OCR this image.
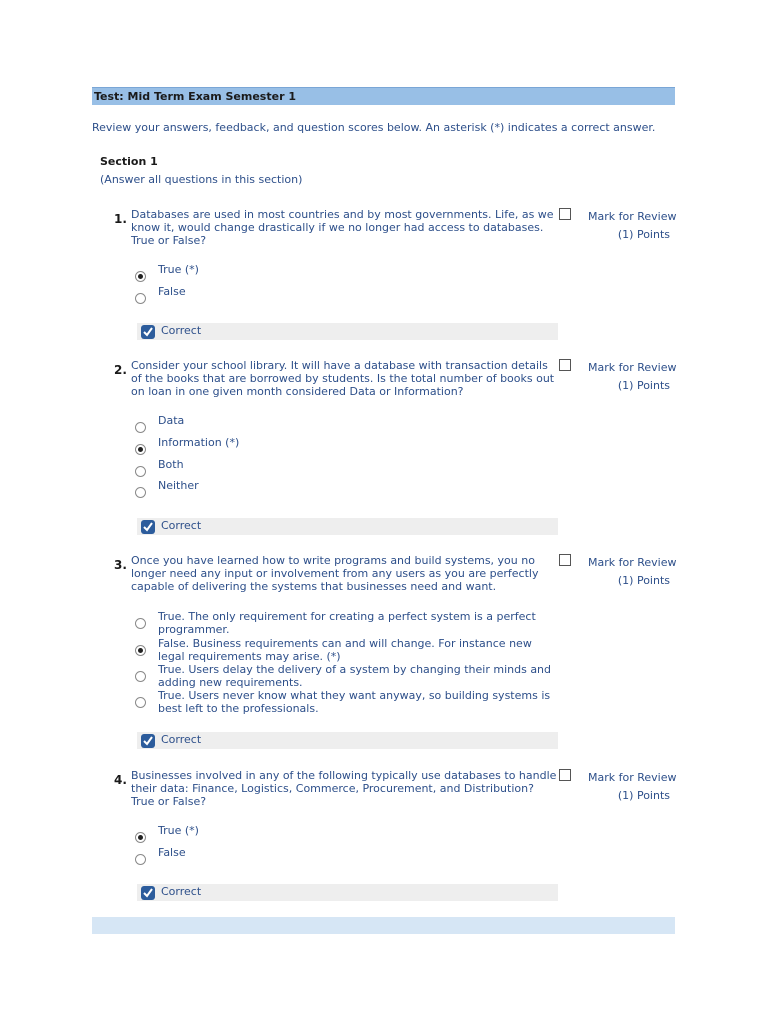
Test: Mid Term Exam Semester 1
Review your answers, feedback, and question scores below. An asterisk (*) indicates a correct answer.
Section 1
(Answer all questions in this section)
1. Databases are used in most countries and by most governments. Life, as we know it, would change drastically if we no longer had access to databases. True or False?
Mark for Review
(1) Points
True (*)
False
Correct
2. Consider your school library. It will have a database with transaction details of the books that are borrowed by students. Is the total number of books out on loan in one given month considered Data or Information?
Mark for Review
(1) Points
Data
Information (*)
Both
Neither
Correct
3. Once you have learned how to write programs and build systems, you no longer need any input or involvement from any users as you are perfectly capable of delivering the systems that businesses need and want.
Mark for Review
(1) Points
True. The only requirement for creating a perfect system is a perfect programmer.
False. Business requirements can and will change. For instance new legal requirements may arise. (*)
True. Users delay the delivery of a system by changing their minds and adding new requirements.
True. Users never know what they want anyway, so building systems is best left to the professionals.
Correct
4. Businesses involved in any of the following typically use databases to handle their data: Finance, Logistics, Commerce, Procurement, and Distribution? True or False?
Mark for Review
(1) Points
True (*)
False
Correct
